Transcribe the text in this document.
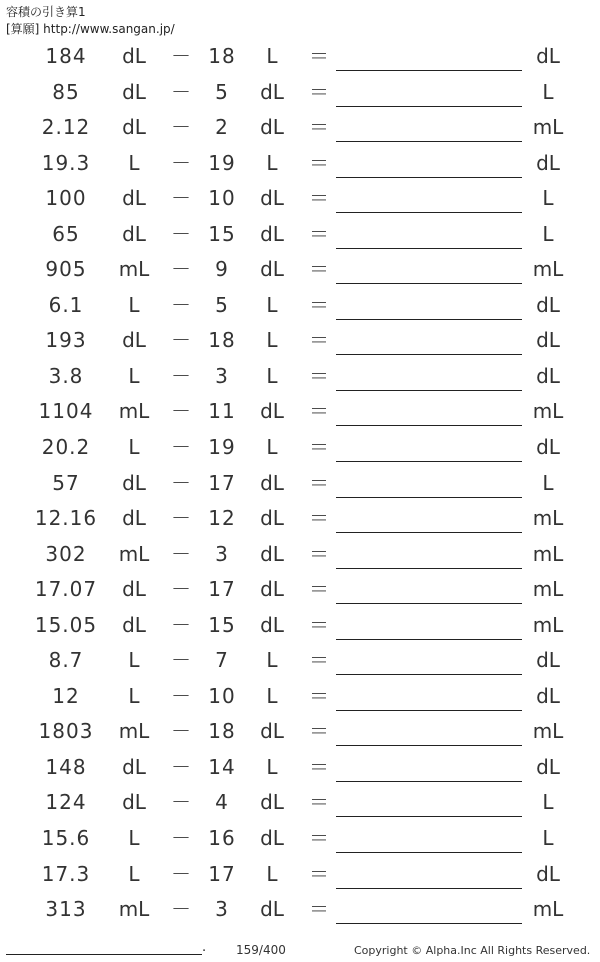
容積の引き算1
[算願] http://www.sangan.jp/
184	dL	－ 18	L	＝	dL
85	dL	－	5	dL	＝	L
2.12	dL	－	2	dL	＝	mL
19.3	L	－ 19	L	＝	dL
100	dL	－ 10	dL	＝	L
65	dL	－ 15	dL	＝	L
905	mL	－	9	dL	＝	mL
6.1	L	－	5	L	＝	dL
193	dL	－ 18	L	＝	dL
3.8	L	－	3	L	＝	dL
1104	mL	－ 11	dL	＝	mL
20.2	L	－ 19	L	＝	dL
57	dL	－ 17	dL	＝	L
12.16	dL	－ 12	dL	＝	mL
302	mL	－	3	dL	＝	mL
17.07	dL	－ 17	dL	＝	mL
15.05	dL	－ 15	dL	＝	mL
8.7	L	－	7	L	＝	dL
12	L	－ 10	L	＝	dL
1803	mL	－ 18	dL	＝	mL
148	dL	－ 14	L	＝	dL
124	dL	－	4	dL	＝	L
15.6	L	－ 16	dL	＝	L
17.3	L	－ 17	L	＝	dL
313	mL	－	3	dL	＝	mL
. 159/400	Copyright © Alpha.Inc All Rights Reserved.
